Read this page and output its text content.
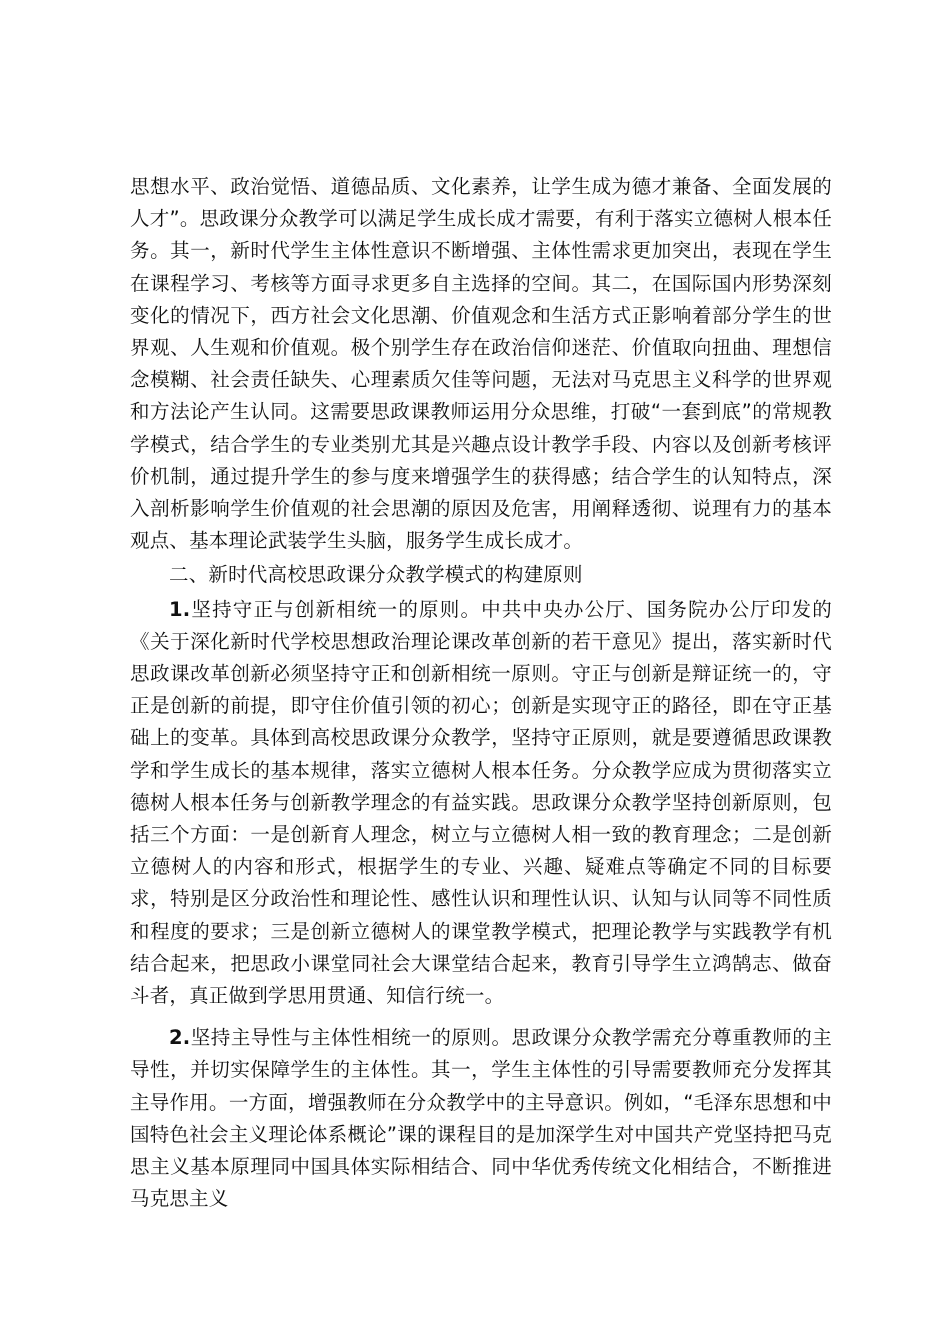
思想水平、政治觉悟、道德品质、文化素养，让学生成为德才兼备、全面发展的人才”。思政课分众教学可以满足学生成长成才需要，有利于落实立德树人根本任务。其一，新时代学生主体性意识不断增强、主体性需求更加突出，表现在学生在课程学习、考核等方面寻求更多自主选择的空间。其二，在国际国内形势深刻变化的情况下，西方社会文化思潮、价值观念和生活方式正影响着部分学生的世界观、人生观和价值观。极个别学生存在政治信仰迷茫、价值取向扭曲、理想信念模糊、社会责任缺失、心理素质欠佳等问题，无法对马克思主义科学的世界观和方法论产生认同。这需要思政课教师运用分众思维，打破“一套到底”的常规教学模式，结合学生的专业类别尤其是兴趣点设计教学手段、内容以及创新考核评价机制，通过提升学生的参与度来增强学生的获得感；结合学生的认知特点，深入剖析影响学生价值观的社会思潮的原因及危害，用阐释透彻、说理有力的基本观点、基本理论武装学生头脑，服务学生成长成才。

二、新时代高校思政课分众教学模式的构建原则

1.坚持守正与创新相统一的原则。中共中央办公厅、国务院办公厅印发的《关于深化新时代学校思想政治理论课改革创新的若干意见》提出，落实新时代思政课改革创新必须坚持守正和创新相统一原则。守正与创新是辩证统一的，守正是创新的前提，即守住价值引领的初心；创新是实现守正的路径，即在守正基础上的变革。具体到高校思政课分众教学，坚持守正原则，就是要遵循思政课教学和学生成长的基本规律，落实立德树人根本任务。分众教学应成为贯彻落实立德树人根本任务与创新教学理念的有益实践。思政课分众教学坚持创新原则，包括三个方面：一是创新育人理念，树立与立德树人相一致的教育理念；二是创新立德树人的内容和形式，根据学生的专业、兴趣、疑难点等确定不同的目标要求，特别是区分政治性和理论性、感性认识和理性认识、认知与认同等不同性质和程度的要求；三是创新立德树人的课堂教学模式，把理论教学与实践教学有机结合起来，把思政小课堂同社会大课堂结合起来，教育引导学生立鸿鹄志、做奋斗者，真正做到学思用贯通、知信行统一。

2.坚持主导性与主体性相统一的原则。思政课分众教学需充分尊重教师的主导性，并切实保障学生的主体性。其一，学生主体性的引导需要教师充分发挥其主导作用。一方面，增强教师在分众教学中的主导意识。例如，“毛泽东思想和中国特色社会主义理论体系概论”课的课程目的是加深学生对中国共产党坚持把马克思主义基本原理同中国具体实际相结合、同中华优秀传统文化相结合，不断推进马克思主义
